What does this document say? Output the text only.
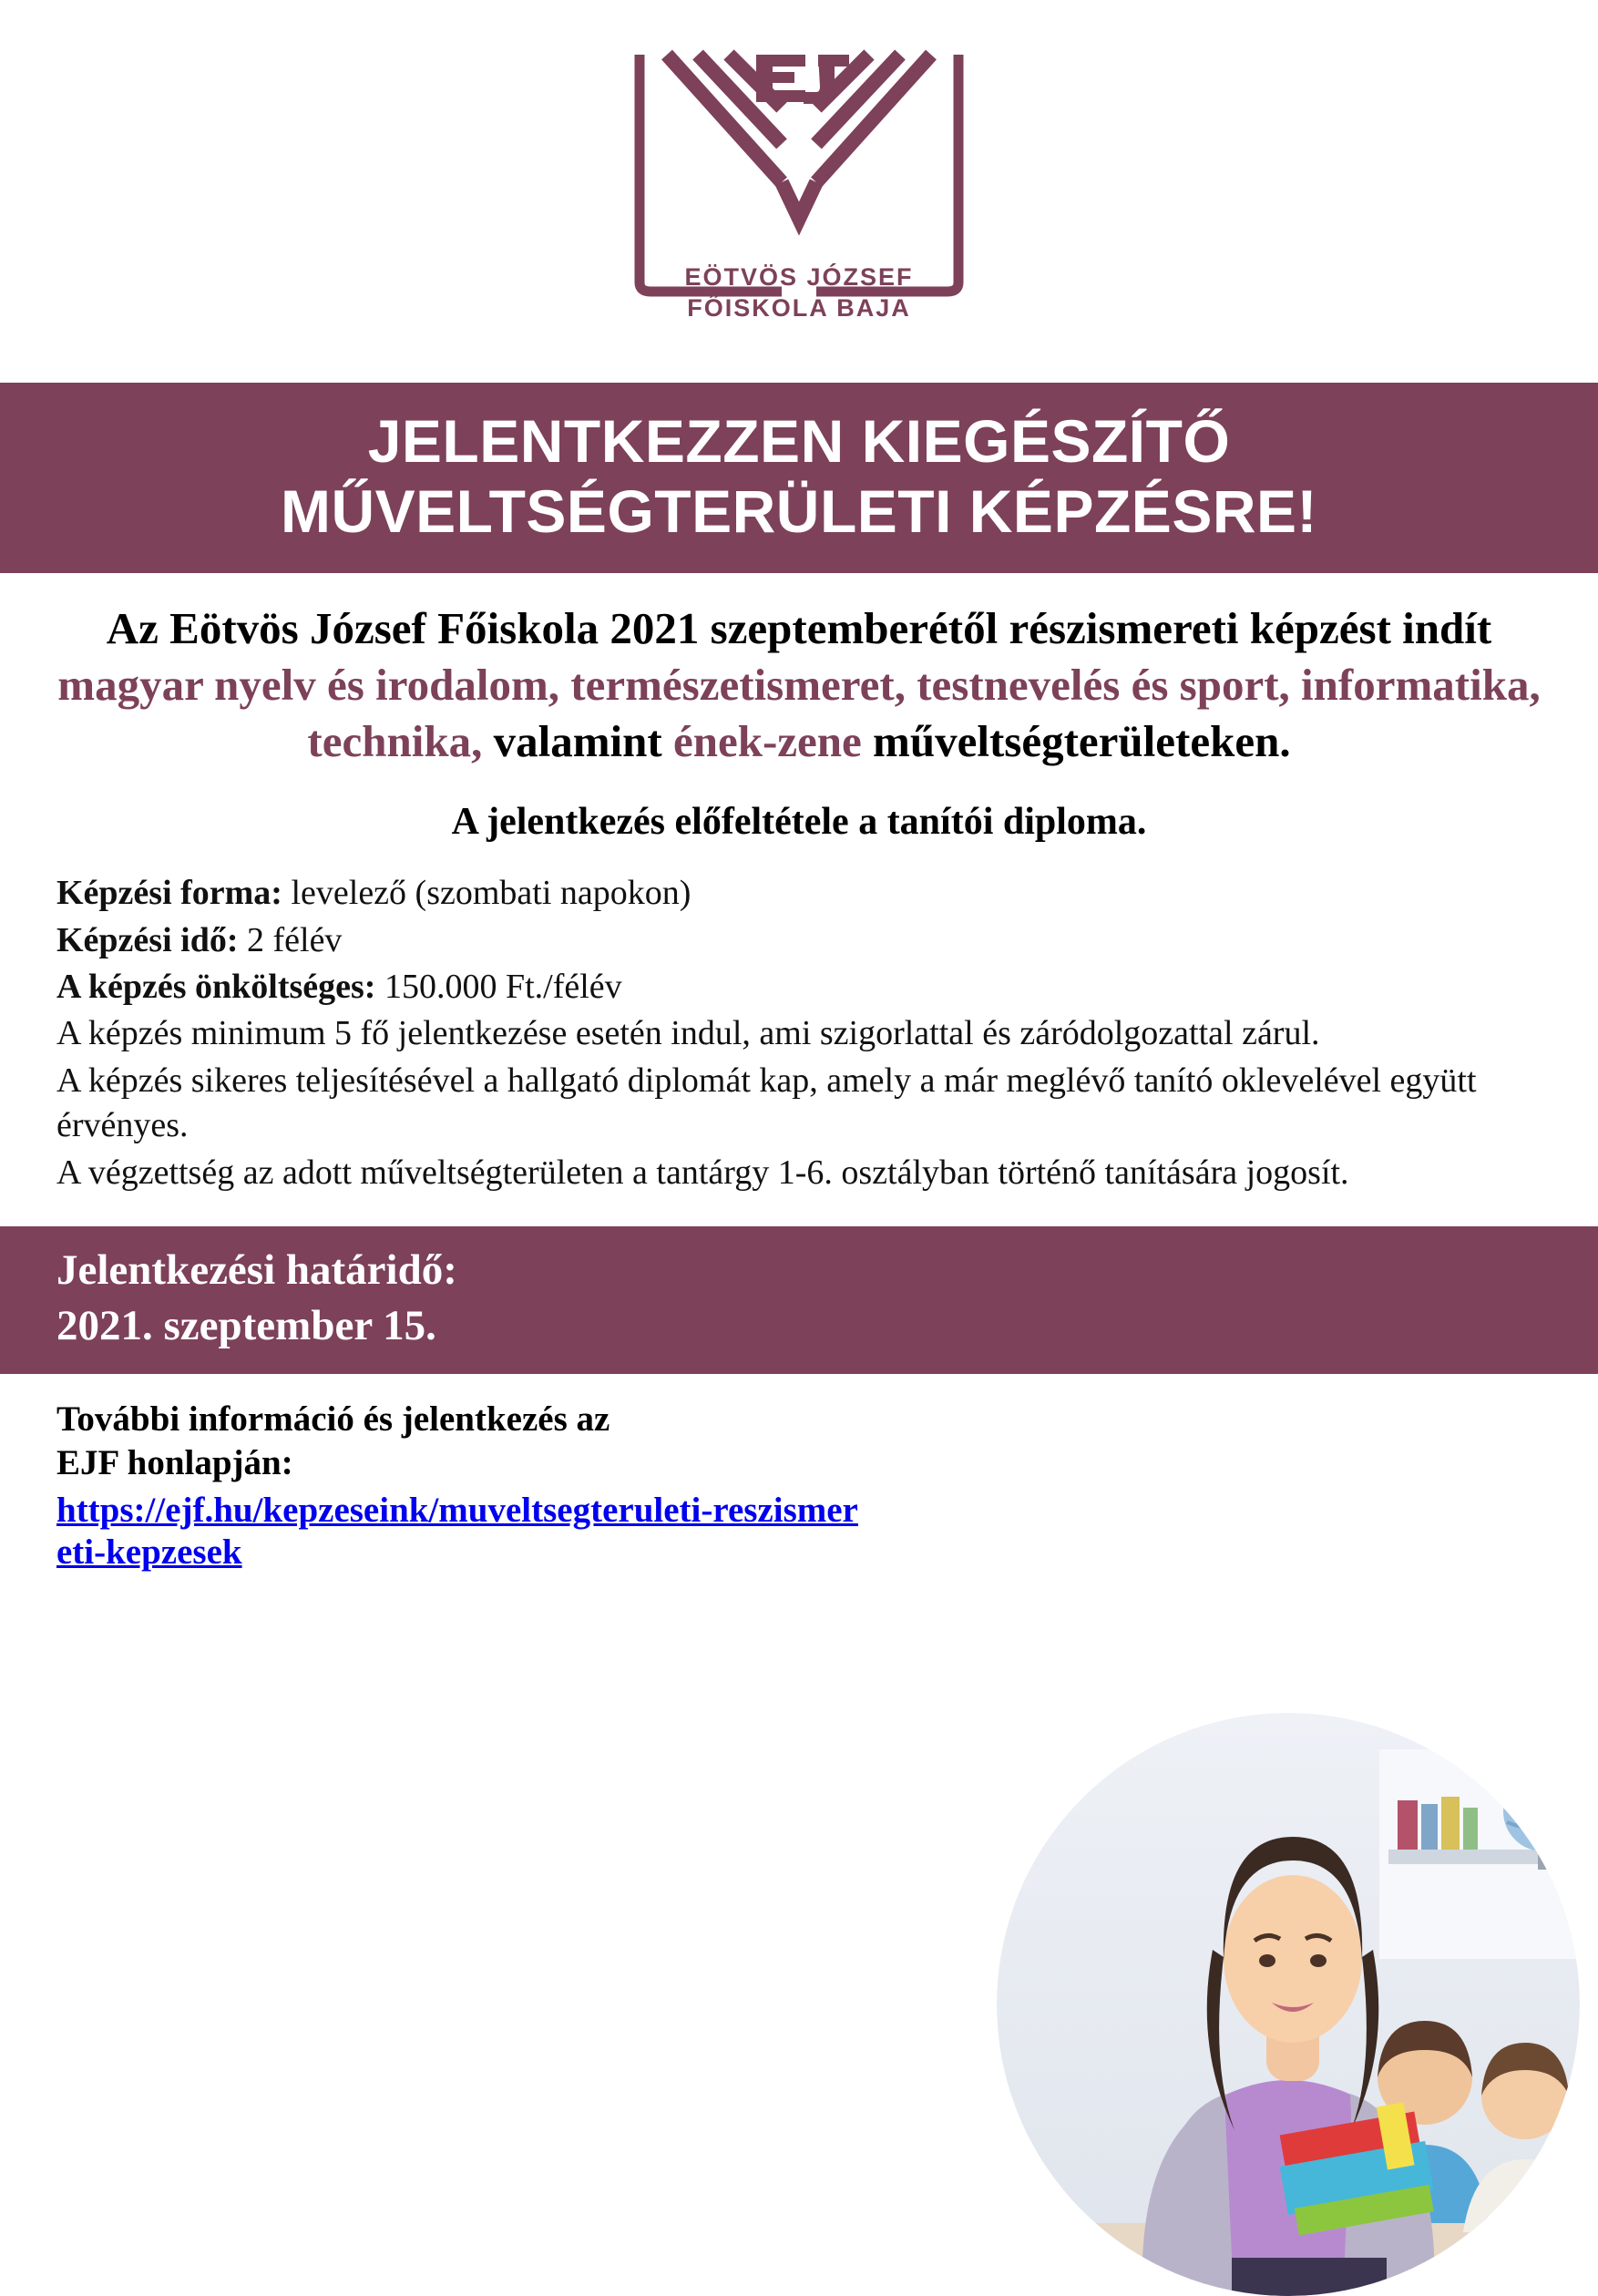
EÖTVÖS JÓZSEF
FŐISKOLA BAJA
JELENTKEZZEN KIEGÉSZÍTŐ
MŰVELTSÉGTERÜLETI KÉPZÉSRE!
Az Eötvös József Főiskola 2021 szeptemberétől részismereti képzést indít magyar nyelv és irodalom, természetismeret, testnevelés és sport, informatika, technika, valamint ének-zene műveltségterületeken.
A jelentkezés előfeltétele a tanítói diploma.

Képzési forma: levelező (szombati napokon)

Képzési idő: 2 félév

A képzés önköltséges: 150.000 Ft./félév

A képzés minimum 5 fő jelentkezése esetén indul, ami szigorlattal és záródolgozattal zárul.

A képzés sikeres teljesítésével a hallgató diplomát kap, amely a már meglévő tanító oklevelével együtt érvényes.

A végzettség az adott műveltségterületen a tantárgy 1-6. osztályban történő tanítására jogosít.

Jelentkezési határidő:
2021. szeptember 15.
További információ és jelentkezés az
EJF honlapján:
https://ejf.hu/kepzeseink/muveltsegteruleti-reszismereti-kepzesek
